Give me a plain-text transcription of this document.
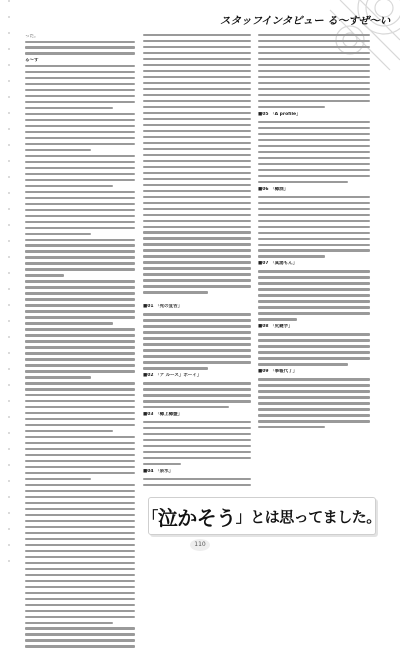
スタッフインタビュー る～すぜ～い
った。
る～す
■01 「死の宣告」
■02 「ア ルース」ポーイ」
■03 「樽上樽盤」
■04 「泉水」
■05 「A profile」
■06 「樽酒」
■07 「真湯もん」
■08 「尻鍵字」
■09 「事報代了」
「 泣かそう 」 とは思ってました。
110
